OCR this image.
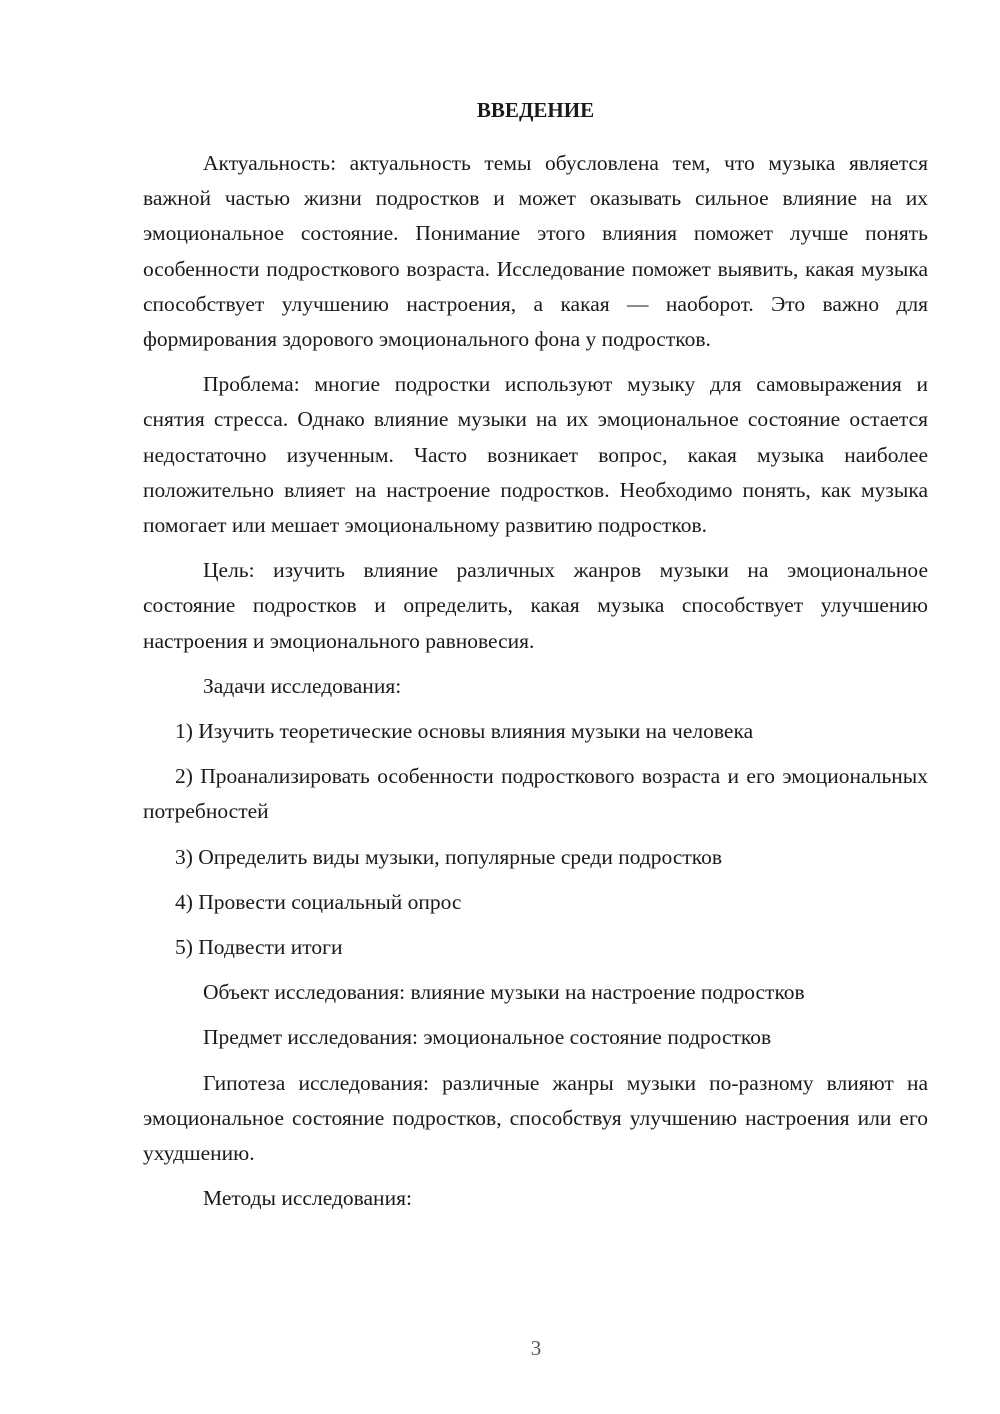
ВВЕДЕНИЕ

Актуальность: актуальность темы обусловлена тем, что музыка является важной частью жизни подростков и может оказывать сильное влияние на их эмоциональное состояние. Понимание этого влияния поможет лучше понять особенности подросткового возраста. Исследование поможет выявить, какая музыка способствует улучшению настроения, а какая — наоборот. Это важно для формирования здорового эмоционального фона у подростков.

Проблема: многие подростки используют музыку для самовыражения и снятия стресса. Однако влияние музыки на их эмоциональное состояние остается недостаточно изученным. Часто возникает вопрос, какая музыка наиболее положительно влияет на настроение подростков. Необходимо понять, как музыка помогает или мешает эмоциональному развитию подростков.

Цель: изучить влияние различных жанров музыки на эмоциональное состояние подростков и определить, какая музыка способствует улучшению настроения и эмоционального равновесия.

Задачи исследования:

1) Изучить теоретические основы влияния музыки на человека

2) Проанализировать особенности подросткового возраста и его эмоциональных потребностей

3) Определить виды музыки, популярные среди подростков

4) Провести социальный опрос

5) Подвести итоги

Объект исследования: влияние музыки на настроение подростков

Предмет исследования: эмоциональное состояние подростков

Гипотеза исследования: различные жанры музыки по-разному влияют на эмоциональное состояние подростков, способствуя улучшению настроения или его ухудшению.

Методы исследования:

3
